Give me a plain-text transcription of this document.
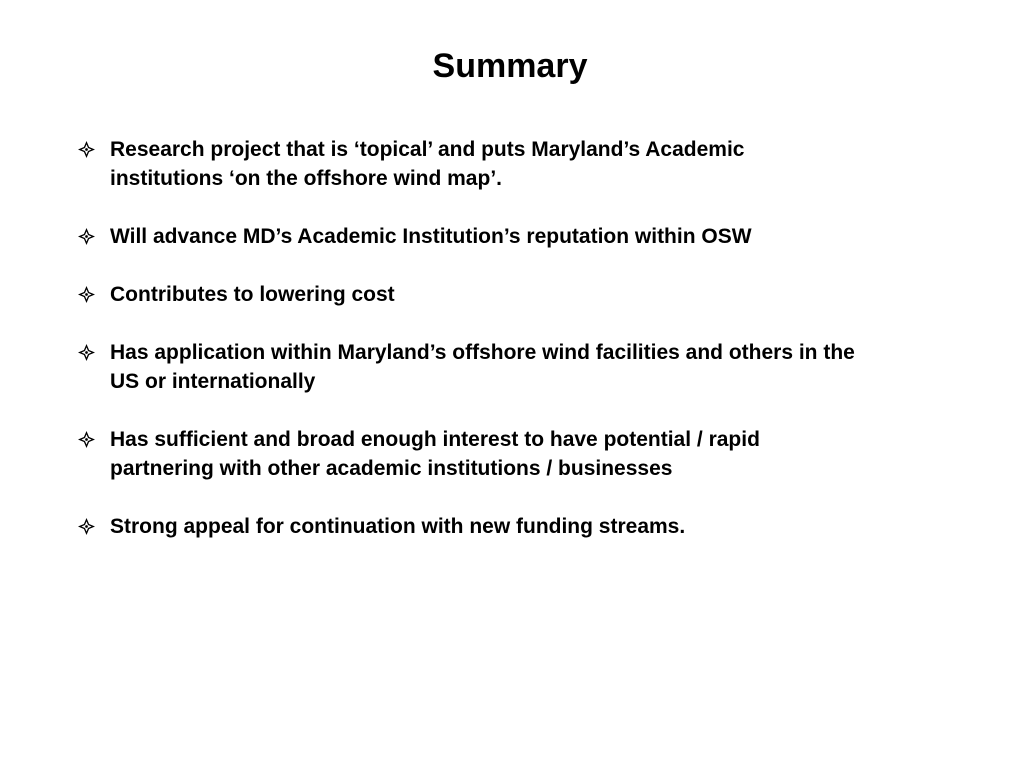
Summary
Research project that is ‘topical’ and puts Maryland’s Academic
institutions ‘on the offshore wind map’.
Will advance MD’s Academic Institution’s reputation within OSW
Contributes to lowering cost
Has application within Maryland’s offshore wind facilities and others in the
US or internationally
Has sufficient and broad enough interest to have potential / rapid
partnering with other academic institutions / businesses
Strong appeal for continuation with new funding streams.
